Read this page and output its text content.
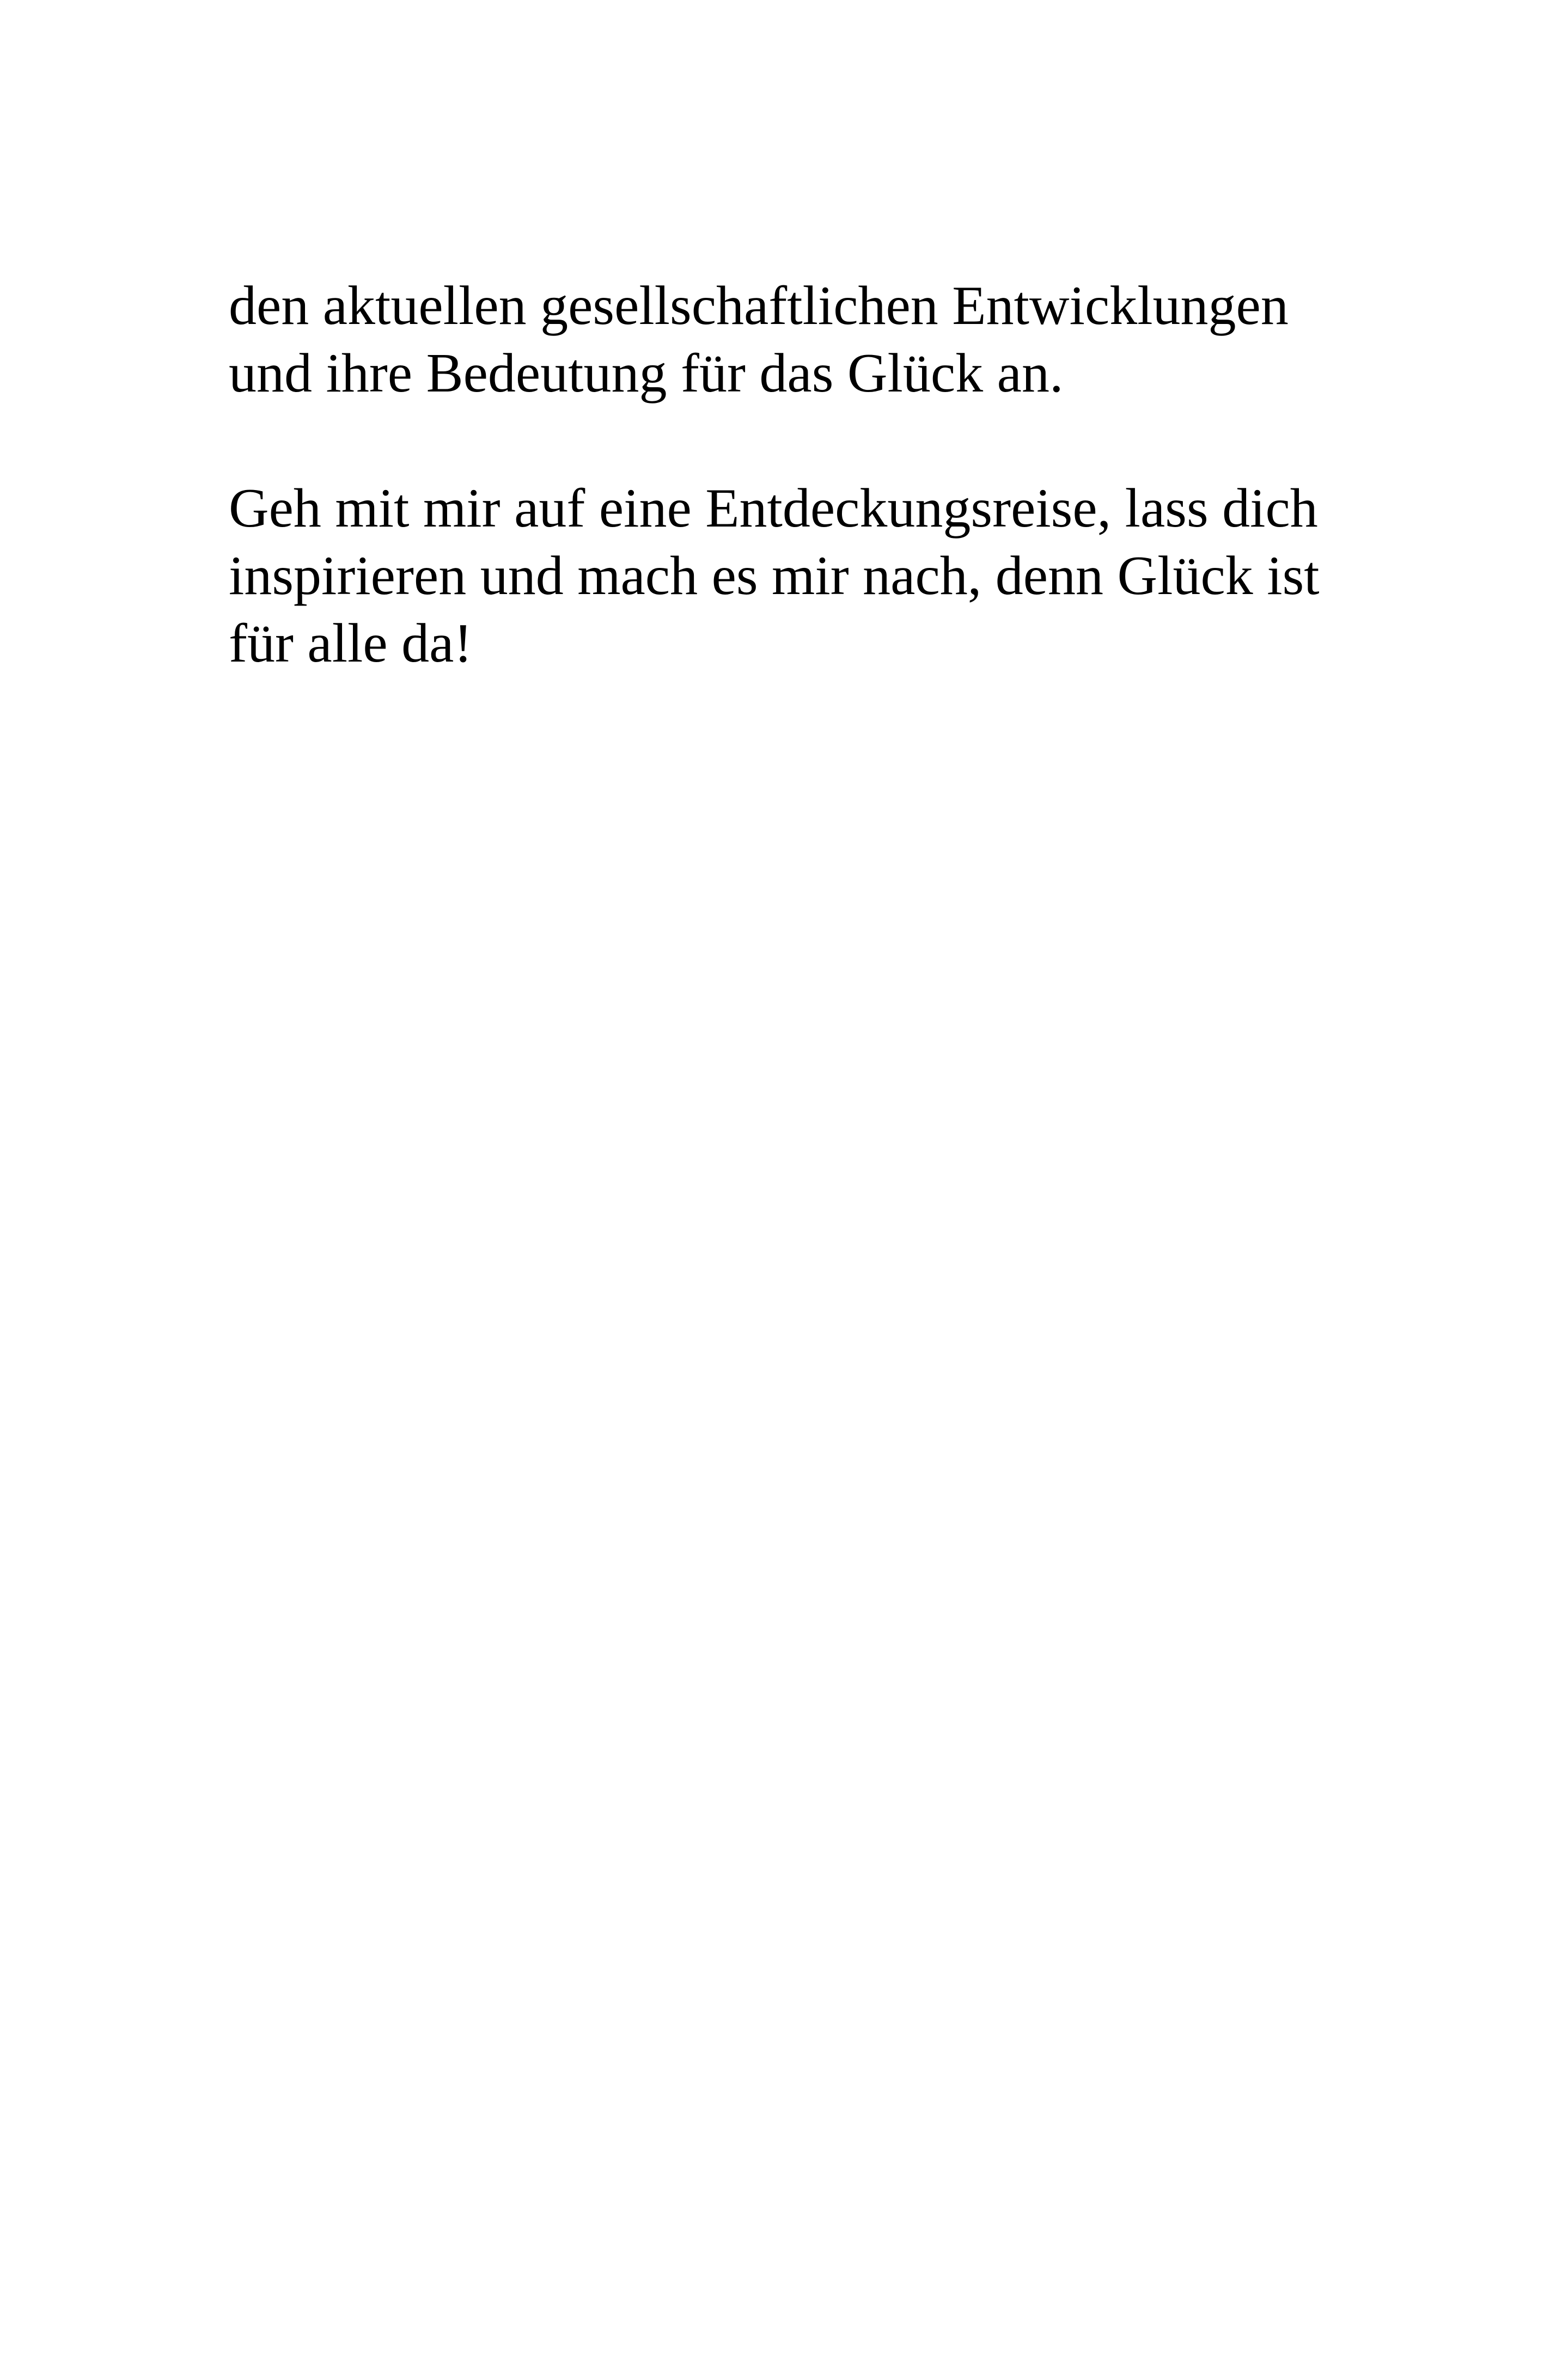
den aktuellen gesellschaftlichen Entwicklungen
und ihre Bedeutung für das Glück an.

Geh mit mir auf eine Entdeckungsreise, lass dich
inspirieren und mach es mir nach, denn Glück ist
für alle da!
